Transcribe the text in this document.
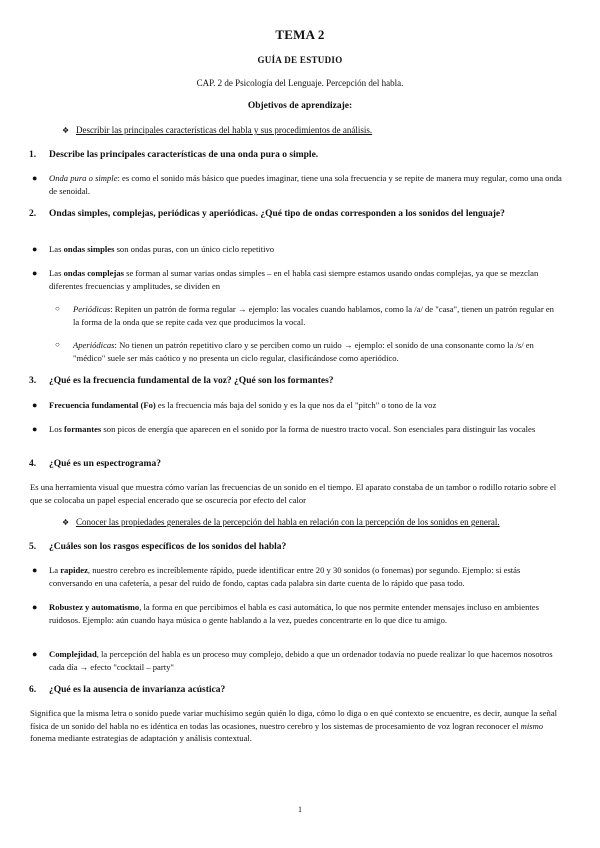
TEMA 2
GUÍA DE ESTUDIO
CAP. 2 de Psicología del Lenguaje. Percepción del habla.
Objetivos de aprendizaje:
❖ Describir las principales características del habla y sus procedimientos de análisis.
1. Describe las principales características de una onda pura o simple.
● Onda pura o simple: es como el sonido más básico que puedes imaginar, tiene una sola frecuencia y se repite de manera muy regular, como una onda de senoidal.
2. Ondas simples, complejas, periódicas y aperiódicas. ¿Qué tipo de ondas corresponden a los sonidos del lenguaje?
● Las ondas simples son ondas puras, con un único ciclo repetitivo
● Las ondas complejas se forman al sumar varias ondas simples – en el habla casi siempre estamos usando ondas complejas, ya que se mezclan diferentes frecuencias y amplitudes, se dividen en
○ Periódicas: Repiten un patrón de forma regular → ejemplo: las vocales cuando hablamos, como la /a/ de "casa", tienen un patrón regular en la forma de la onda que se repite cada vez que producimos la vocal.
○ Aperiódicas: No tienen un patrón repetitivo claro y se perciben como un ruido → ejemplo: el sonido de una consonante como la /s/ en "médico" suele ser más caótico y no presenta un ciclo regular, clasificándose como aperiódico.
3. ¿Qué es la frecuencia fundamental de la voz? ¿Qué son los formantes?
● Frecuencia fundamental (Fo) es la frecuencia más baja del sonido y es la que nos da el "pitch" o tono de la voz
● Los formantes son picos de energía que aparecen en el sonido por la forma de nuestro tracto vocal. Son esenciales para distinguir las vocales
4. ¿Qué es un espectrograma?
Es una herramienta visual que muestra cómo varían las frecuencias de un sonido en el tiempo. El aparato constaba de un tambor o rodillo rotario sobre el que se colocaba un papel especial encerado que se oscurecía por efecto del calor
❖ Conocer las propiedades generales de la percepción del habla en relación con la percepción de los sonidos en general.
5. ¿Cuáles son los rasgos específicos de los sonidos del habla?
● La rapidez, nuestro cerebro es increíblemente rápido, puede identificar entre 20 y 30 sonidos (o fonemas) por segundo. Ejemplo: si estás conversando en una cafetería, a pesar del ruido de fondo, captas cada palabra sin darte cuenta de lo rápido que pasa todo.
● Robustez y automatismo, la forma en que percibimos el habla es casi automática, lo que nos permite entender mensajes incluso en ambientes ruidosos. Ejemplo: aún cuando haya música o gente hablando a la vez, puedes concentrarte en lo que dice tu amigo.
● Complejidad, la percepción del habla es un proceso muy complejo, debido a que un ordenador todavía no puede realizar lo que hacemos nosotros cada día → efecto "cocktail – party"
6. ¿Qué es la ausencia de invarianza acústica?
Significa que la misma letra o sonido puede variar muchísimo según quién lo diga, cómo lo diga o en qué contexto se encuentre, es decir, aunque la señal física de un sonido del habla no es idéntica en todas las ocasiones, nuestro cerebro y los sistemas de procesamiento de voz logran reconocer el mismo fonema mediante estrategias de adaptación y análisis contextual.
1
